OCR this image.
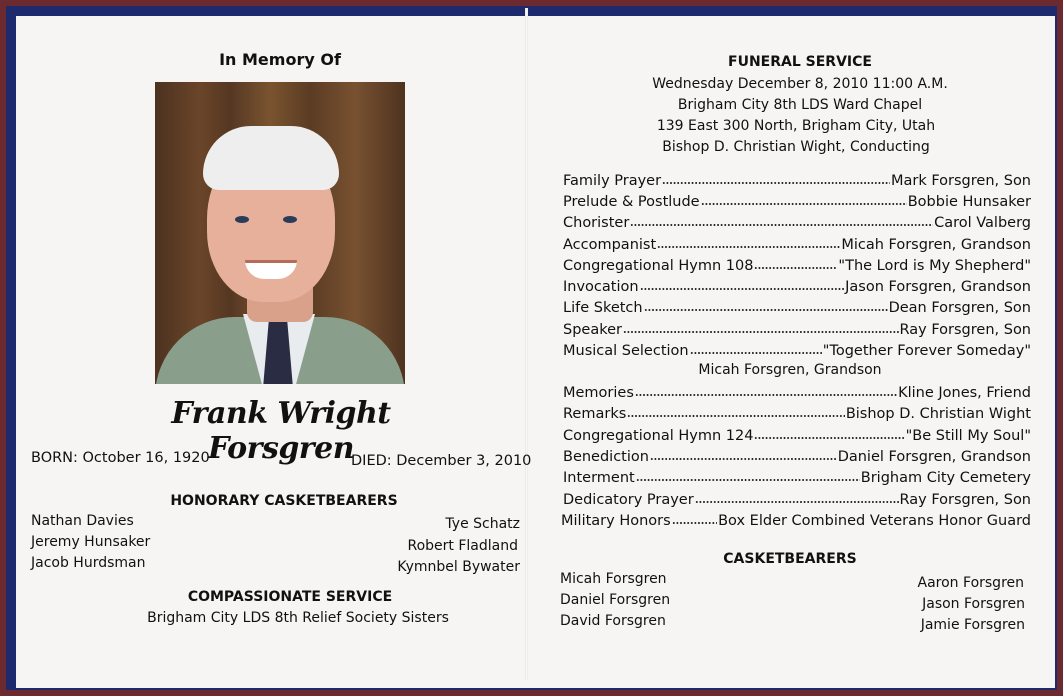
In Memory Of
Frank Wright Forsgren
BORN: October 16, 1920	DIED: December 3, 2010
HONORARY CASKETBEARERS
Nathan Davies
Jeremy Hunsaker
Jacob Hurdsman
Tye Schatz
Robert Fladland
Kymnbel Bywater
COMPASSIONATE SERVICE
Brigham City LDS 8th Relief Society Sisters
FUNERAL SERVICE
Wednesday December 8, 2010 11:00 A.M.
Brigham City 8th LDS Ward Chapel
139 East 300 North, Brigham City, Utah
Bishop D. Christian Wight, Conducting
Family Prayer	Mark Forsgren, Son
Prelude & Postlude	Bobbie Hunsaker
Chorister	Carol Valberg
Accompanist	Micah Forsgren, Grandson
Congregational Hymn 108	"The Lord is My Shepherd"
Invocation	Jason Forsgren, Grandson
Life Sketch	Dean Forsgren, Son
Speaker	Ray Forsgren, Son
Musical Selection	"Together Forever Someday"
Micah Forsgren, Grandson
Memories	Kline Jones, Friend
Remarks	Bishop D. Christian Wight
Congregational Hymn 124	"Be Still My Soul"
Benediction	Daniel Forsgren, Grandson
Interment	Brigham City Cemetery
Dedicatory Prayer	Ray Forsgren, Son
Military Honors	Box Elder Combined Veterans Honor Guard
CASKETBEARERS
Micah Forsgren
Daniel Forsgren
David Forsgren
Aaron Forsgren
Jason Forsgren
Jamie Forsgren
